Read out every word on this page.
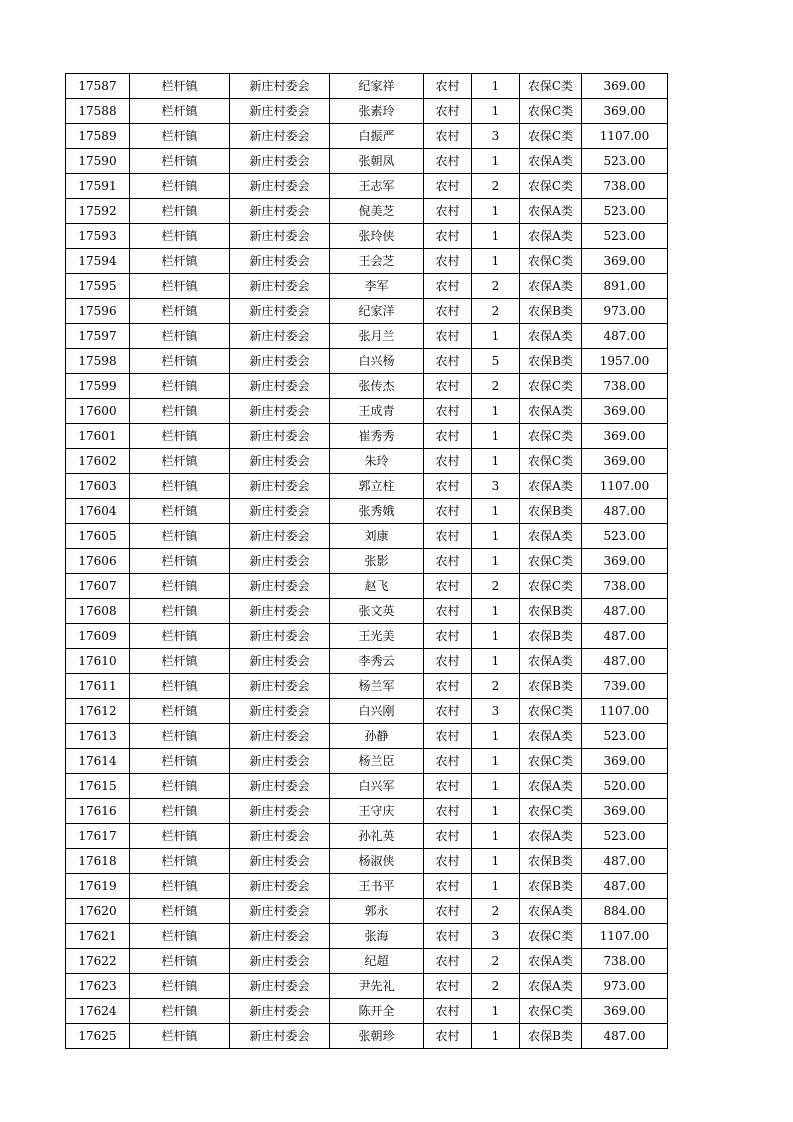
17587	栏杆镇	新庄村委会	纪家祥	农村	1	农保C类	369.00
17588	栏杆镇	新庄村委会	张素玲	农村	1	农保C类	369.00
17589	栏杆镇	新庄村委会	白振严	农村	3	农保C类	1107.00
17590	栏杆镇	新庄村委会	张朝凤	农村	1	农保A类	523.00
17591	栏杆镇	新庄村委会	王志军	农村	2	农保C类	738.00
17592	栏杆镇	新庄村委会	倪美芝	农村	1	农保A类	523.00
17593	栏杆镇	新庄村委会	张玲侠	农村	1	农保A类	523.00
17594	栏杆镇	新庄村委会	王会芝	农村	1	农保C类	369.00
17595	栏杆镇	新庄村委会	李军	农村	2	农保A类	891.00
17596	栏杆镇	新庄村委会	纪家洋	农村	2	农保B类	973.00
17597	栏杆镇	新庄村委会	张月兰	农村	1	农保A类	487.00
17598	栏杆镇	新庄村委会	白兴杨	农村	5	农保B类	1957.00
17599	栏杆镇	新庄村委会	张传杰	农村	2	农保C类	738.00
17600	栏杆镇	新庄村委会	王成青	农村	1	农保A类	369.00
17601	栏杆镇	新庄村委会	崔秀秀	农村	1	农保C类	369.00
17602	栏杆镇	新庄村委会	朱玲	农村	1	农保C类	369.00
17603	栏杆镇	新庄村委会	郭立柱	农村	3	农保A类	1107.00
17604	栏杆镇	新庄村委会	张秀娥	农村	1	农保B类	487.00
17605	栏杆镇	新庄村委会	刘康	农村	1	农保A类	523.00
17606	栏杆镇	新庄村委会	张影	农村	1	农保C类	369.00
17607	栏杆镇	新庄村委会	赵飞	农村	2	农保C类	738.00
17608	栏杆镇	新庄村委会	张文英	农村	1	农保B类	487.00
17609	栏杆镇	新庄村委会	王光美	农村	1	农保B类	487.00
17610	栏杆镇	新庄村委会	李秀云	农村	1	农保A类	487.00
17611	栏杆镇	新庄村委会	杨兰军	农村	2	农保B类	739.00
17612	栏杆镇	新庄村委会	白兴刚	农村	3	农保C类	1107.00
17613	栏杆镇	新庄村委会	孙静	农村	1	农保A类	523.00
17614	栏杆镇	新庄村委会	杨兰臣	农村	1	农保C类	369.00
17615	栏杆镇	新庄村委会	白兴军	农村	1	农保A类	520.00
17616	栏杆镇	新庄村委会	王守庆	农村	1	农保C类	369.00
17617	栏杆镇	新庄村委会	孙礼英	农村	1	农保A类	523.00
17618	栏杆镇	新庄村委会	杨淑侠	农村	1	农保B类	487.00
17619	栏杆镇	新庄村委会	王书平	农村	1	农保B类	487.00
17620	栏杆镇	新庄村委会	郭永	农村	2	农保A类	884.00
17621	栏杆镇	新庄村委会	张海	农村	3	农保C类	1107.00
17622	栏杆镇	新庄村委会	纪超	农村	2	农保A类	738.00
17623	栏杆镇	新庄村委会	尹先礼	农村	2	农保A类	973.00
17624	栏杆镇	新庄村委会	陈开全	农村	1	农保C类	369.00
17625	栏杆镇	新庄村委会	张朝珍	农村	1	农保B类	487.00
